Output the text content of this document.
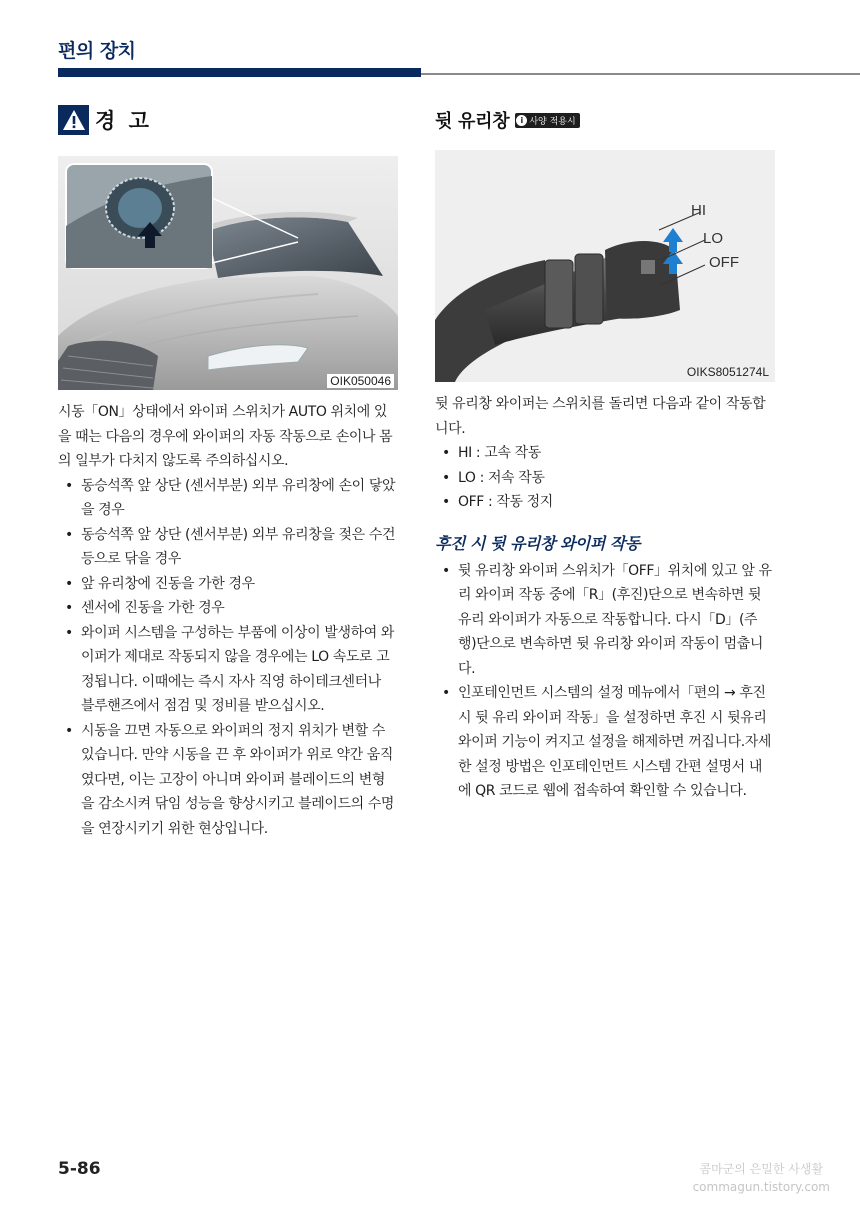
편의 장치
경 고
OIK050046

시동「ON」상태에서 와이퍼 스위치가 AUTO 위치에 있을 때는 다음의 경우에 와이퍼의 자동 작동으로 손이나 몸의 일부가 다치지 않도록 주의하십시오.

• 동승석쪽 앞 상단 (센서부분) 외부 유리창에 손이 닿았을 경우
• 동승석쪽 앞 상단 (센서부분) 외부 유리창을 젖은 수건 등으로 닦을 경우
• 앞 유리창에 진동을 가한 경우
• 센서에 진동을 가한 경우
• 와이퍼 시스템을 구성하는 부품에 이상이 발생하여 와이퍼가 제대로 작동되지 않을 경우에는 LO 속도로 고정됩니다. 이때에는 즉시 자사 직영 하이테크센터나 블루핸즈에서 점검 및 정비를 받으십시오.
• 시동을 끄면 자동으로 와이퍼의 정지 위치가 변할 수 있습니다. 만약 시동을 끈 후 와이퍼가 위로 약간 움직였다면, 이는 고장이 아니며 와이퍼 블레이드의 변형을 감소시켜 닦임 성능을 향상시키고 블레이드의 수명을 연장시키기 위한 현상입니다.
뒷 유리창	i 사양 적용시
HI
LO
OFF
OIKS8051274L

뒷 유리창 와이퍼는 스위치를 돌리면 다음과 같이 작동합니다.

• HI : 고속 작동
• LO : 저속 작동
• OFF : 작동 정지
후진 시 뒷 유리창 와이퍼 작동
• 뒷 유리창 와이퍼 스위치가「OFF」위치에 있고 앞 유리 와이퍼 작동 중에「R」(후진)단으로 변속하면 뒷 유리 와이퍼가 자동으로 작동합니다. 다시「D」(주행)단으로 변속하면 뒷 유리창 와이퍼 작동이 멈춥니다.
• 인포테인먼트 시스템의 설정 메뉴에서「편의 → 후진 시 뒷 유리 와이퍼 작동」을 설정하면 후진 시 뒷유리 와이퍼 기능이 켜지고 설정을 해제하면 꺼집니다.자세한 설정 방법은 인포테인먼트 시스템 간편 설명서 내에 QR 코드로 웹에 접속하여 확인할 수 있습니다.
5-86	콤마군의 은밀한 사생활
commagun.tistory.com
